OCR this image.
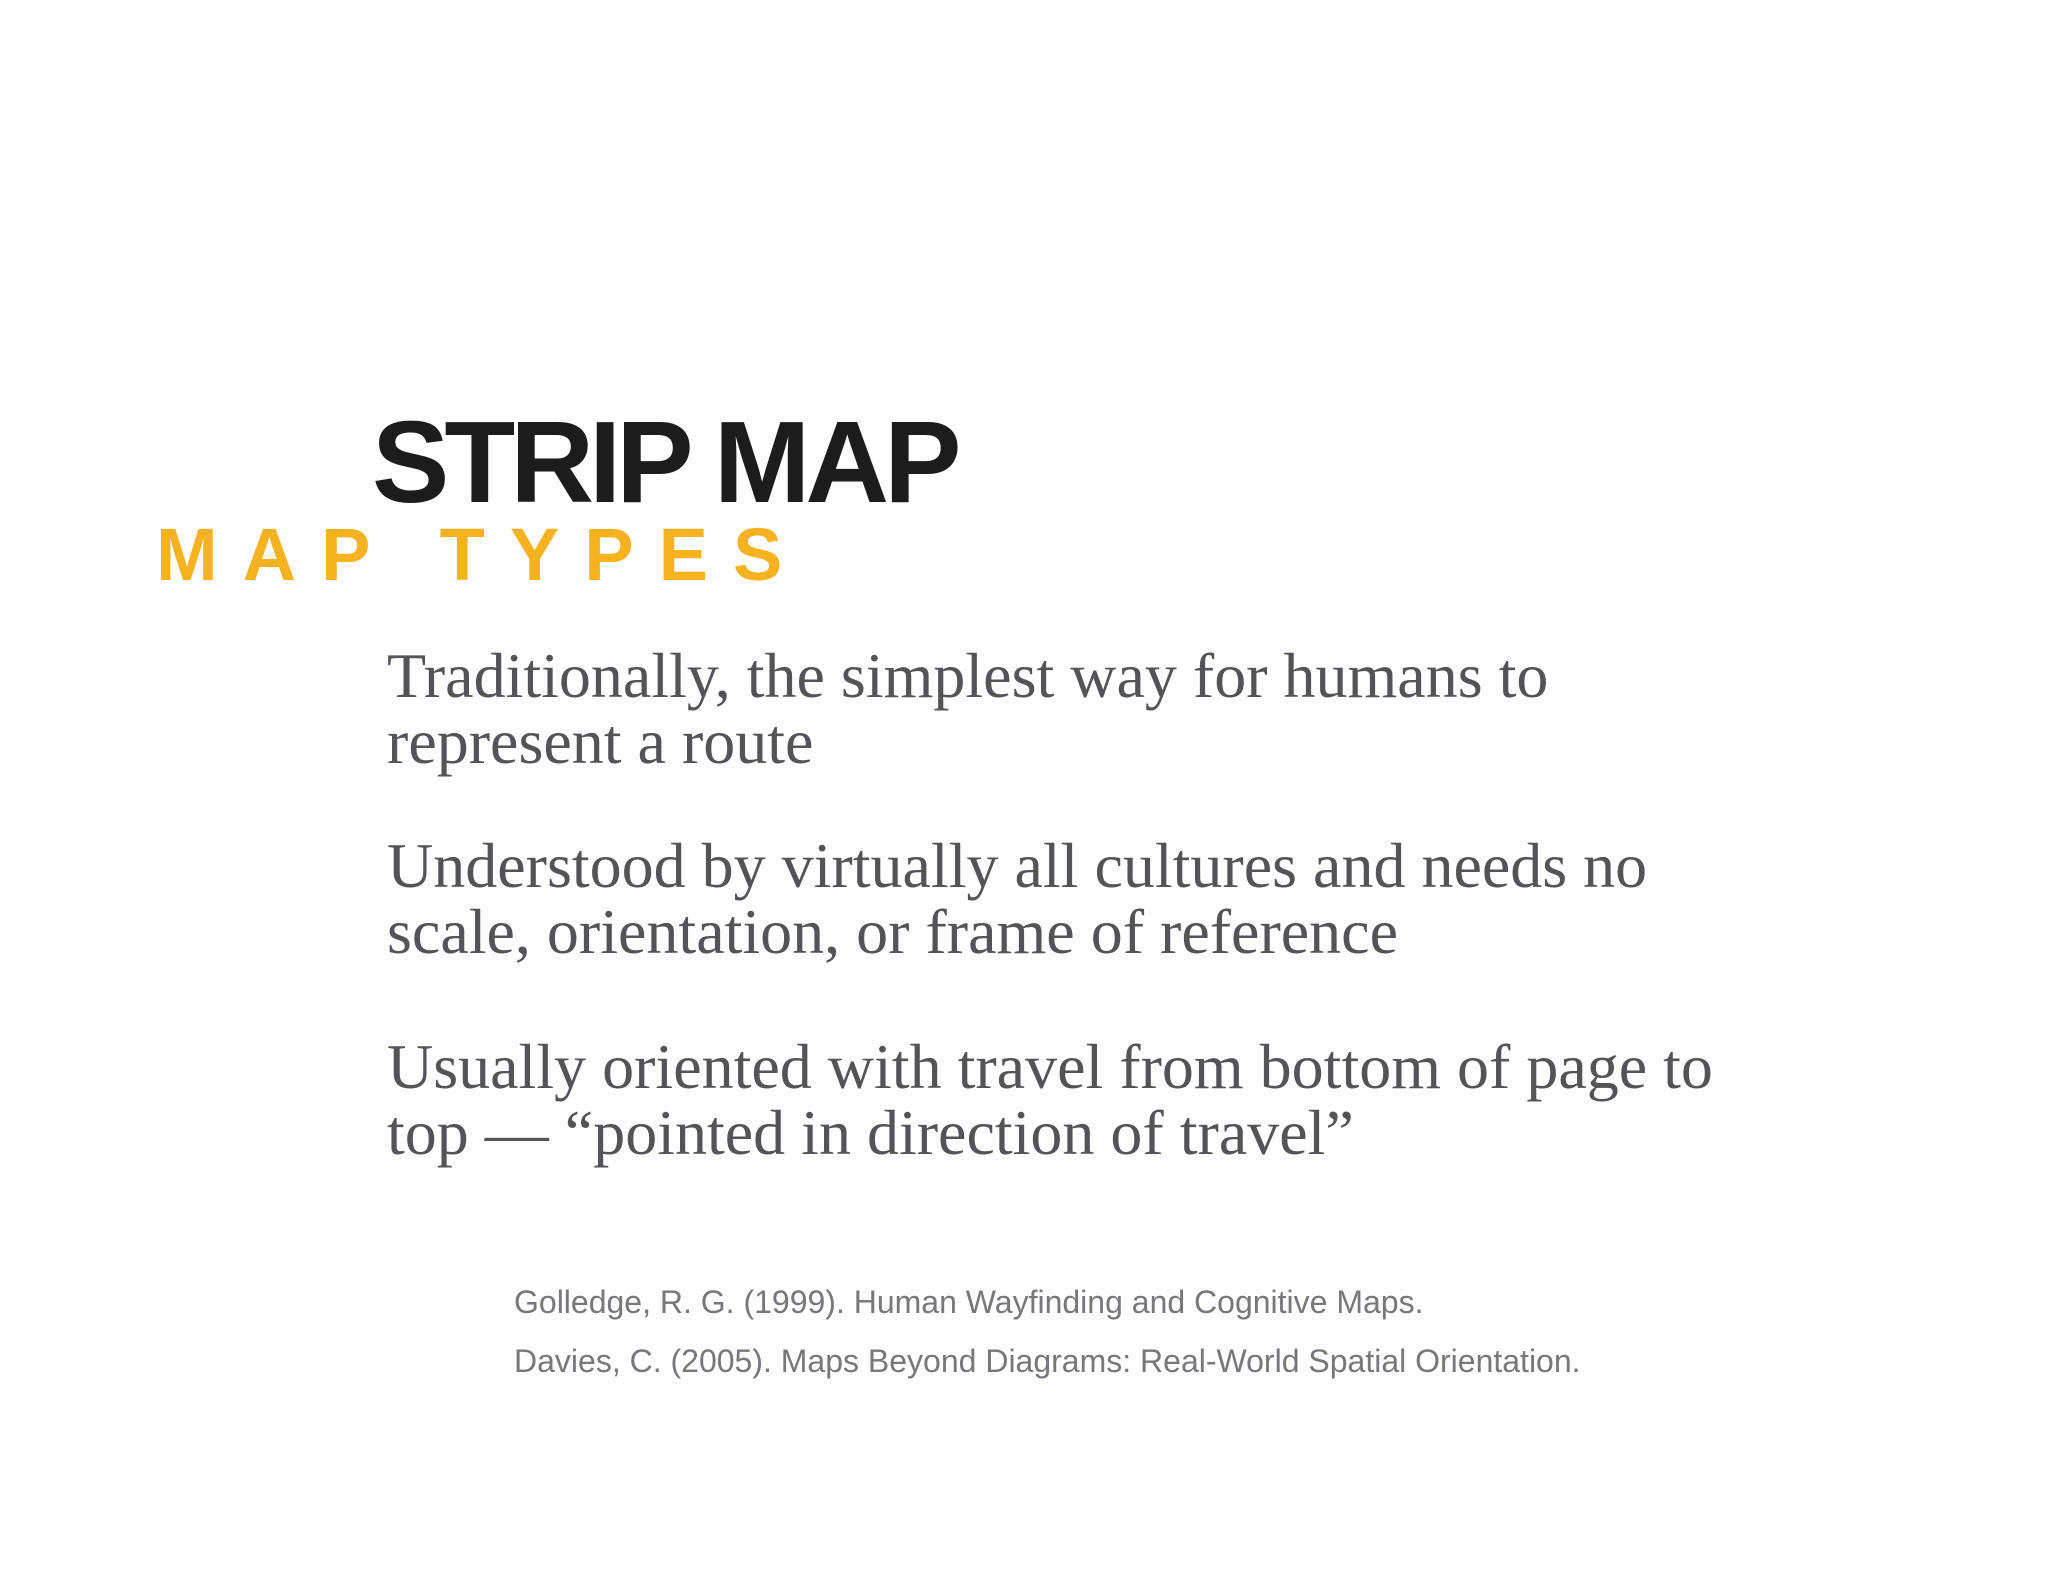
STRIP MAP
MAP TYPES

Traditionally, the simplest way for humans to represent a route

Understood by virtually all cultures and needs no scale, orientation, or frame of reference

Usually oriented with travel from bottom of page to top — “pointed in direction of travel”

Golledge, R. G. (1999). Human Wayfinding and Cognitive Maps.

Davies, C. (2005). Maps Beyond Diagrams: Real-World Spatial Orientation.
